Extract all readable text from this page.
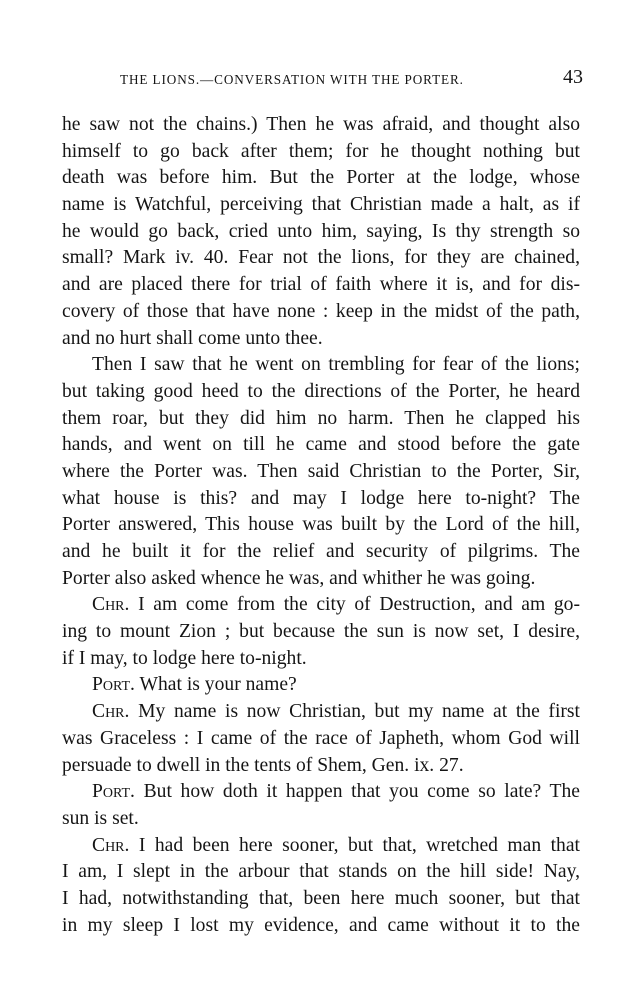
THE LIONS.—CONVERSATION WITH THE PORTER.	43
he saw not the chains.) Then he was afraid, and thought also
himself to go back after them; for he thought nothing but
death was before him. But the Porter at the lodge, whose
name is Watchful, perceiving that Christian made a halt, as if
he would go back, cried unto him, saying, Is thy strength so
small? Mark iv. 40. Fear not the lions, for they are chained,
and are placed there for trial of faith where it is, and for dis-
covery of those that have none : keep in the midst of the path,
and no hurt shall come unto thee.
Then I saw that he went on trembling for fear of the lions;
but taking good heed to the directions of the Porter, he heard
them roar, but they did him no harm. Then he clapped his
hands, and went on till he came and stood before the gate
where the Porter was. Then said Christian to the Porter, Sir,
what house is this? and may I lodge here to-night? The
Porter answered, This house was built by the Lord of the hill,
and he built it for the relief and security of pilgrims. The
Porter also asked whence he was, and whither he was going.
Chr. I am come from the city of Destruction, and am go-
ing to mount Zion ; but because the sun is now set, I desire,
if I may, to lodge here to-night.
Port. What is your name?
Chr. My name is now Christian, but my name at the first
was Graceless : I came of the race of Japheth, whom God will
persuade to dwell in the tents of Shem, Gen. ix. 27.
Port. But how doth it happen that you come so late? The
sun is set.
Chr. I had been here sooner, but that, wretched man that
I am, I slept in the arbour that stands on the hill side! Nay,
I had, notwithstanding that, been here much sooner, but that
in my sleep I lost my evidence, and came without it to the
